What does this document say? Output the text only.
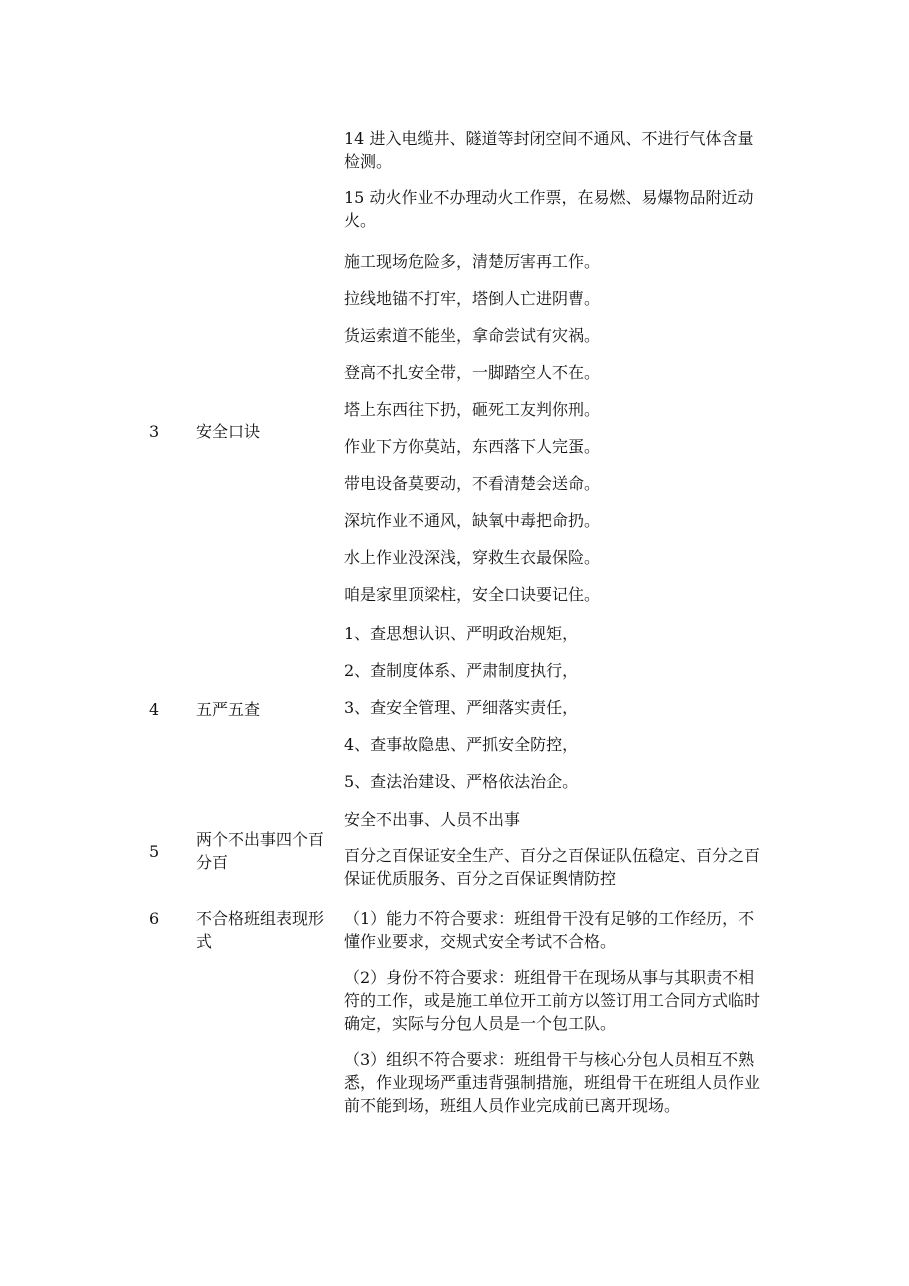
14 进入电缆井、隧道等封闭空间不通风、不进行气体含量检测。

15 动火作业不办理动火工作票，在易燃、易爆物品附近动火。

3 安全口诀

施工现场危险多，清楚厉害再工作。

拉线地锚不打牢，塔倒人亡进阴曹。

货运索道不能坐，拿命尝试有灾祸。

登高不扎安全带，一脚踏空人不在。

塔上东西往下扔，砸死工友判你刑。

作业下方你莫站，东西落下人完蛋。

带电设备莫要动，不看清楚会送命。

深坑作业不通风，缺氧中毒把命扔。

水上作业没深浅，穿救生衣最保险。

咱是家里顶梁柱，安全口诀要记住。

4 五严五查

1、查思想认识、严明政治规矩，

2、查制度体系、严肃制度执行，

3、查安全管理、严细落实责任，

4、查事故隐患、严抓安全防控，

5、查法治建设、严格依法治企。

5
两个不出事四个百分百

安全不出事、人员不出事

百分之百保证安全生产、百分之百保证队伍稳定、百分之百保证优质服务、百分之百保证舆情防控

6 不合格班组表现形式

（1）能力不符合要求：班组骨干没有足够的工作经历，不懂作业要求，交规式安全考试不合格。

（2）身份不符合要求：班组骨干在现场从事与其职责不相符的工作，或是施工单位开工前方以签订用工合同方式临时确定，实际与分包人员是一个包工队。

（3）组织不符合要求：班组骨干与核心分包人员相互不熟悉，作业现场严重违背强制措施，班组骨干在班组人员作业前不能到场，班组人员作业完成前已离开现场。
